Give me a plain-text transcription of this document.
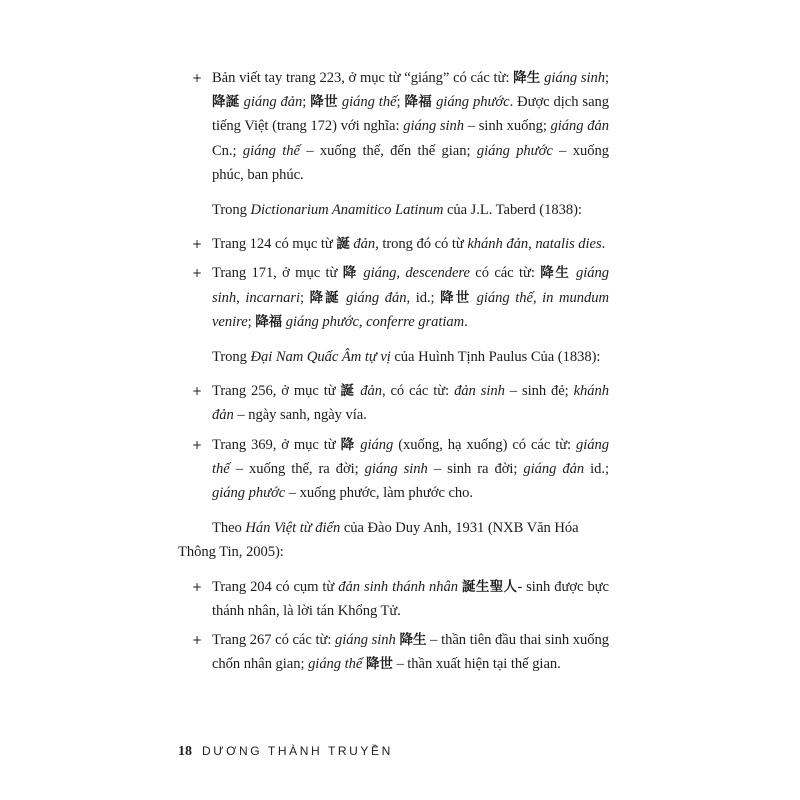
+ Bản viết tay trang 223, ở mục từ “giáng” có các từ: 降生 giáng sinh; 降誕 giáng đản; 降世 giáng thế; 降福 giáng phước. Được dịch sang tiếng Việt (trang 172) với nghĩa: giáng sinh – sinh xuống; giáng đản Cn.; giáng thế – xuống thế, đến thế gian; giáng phước – xuống phúc, ban phúc.
Trong Dictionarium Anamitico Latinum của J.L. Taberd (1838):
+ Trang 124 có mục từ 誕 đản, trong đó có từ khánh đản, natalis dies.
+ Trang 171, ở mục từ 降 giáng, descendere có các từ: 降生 giáng sinh, incarnari; 降誕 giáng đản, id.; 降世 giáng thế, in mundum venire; 降福 giáng phước, conferre gratiam.
Trong Đại Nam Quấc Âm tự vị của Huình Tịnh Paulus Của (1838):
+ Trang 256, ở mục từ 誕 đản, có các từ: đản sinh – sinh đẻ; khánh đản – ngày sanh, ngày vía.
+ Trang 369, ở mục từ 降 giáng (xuống, hạ xuống) có các từ: giáng thế – xuống thế, ra đời; giáng sinh – sinh ra đời; giáng đản id.; giáng phước – xuống phước, làm phước cho.
Theo Hán Việt từ điển của Đào Duy Anh, 1931 (NXB Văn Hóa Thông Tin, 2005):
+ Trang 204 có cụm từ đản sinh thánh nhân 誕生聖人- sinh được bực thánh nhân, là lời tán Khổng Tử.
+ Trang 267 có các từ: giáng sinh 降生 – thần tiên đầu thai sinh xuống chốn nhân gian; giáng thế 降世 – thần xuất hiện tại thế gian.
18 DƯƠNG THÀNH TRUYỀN
